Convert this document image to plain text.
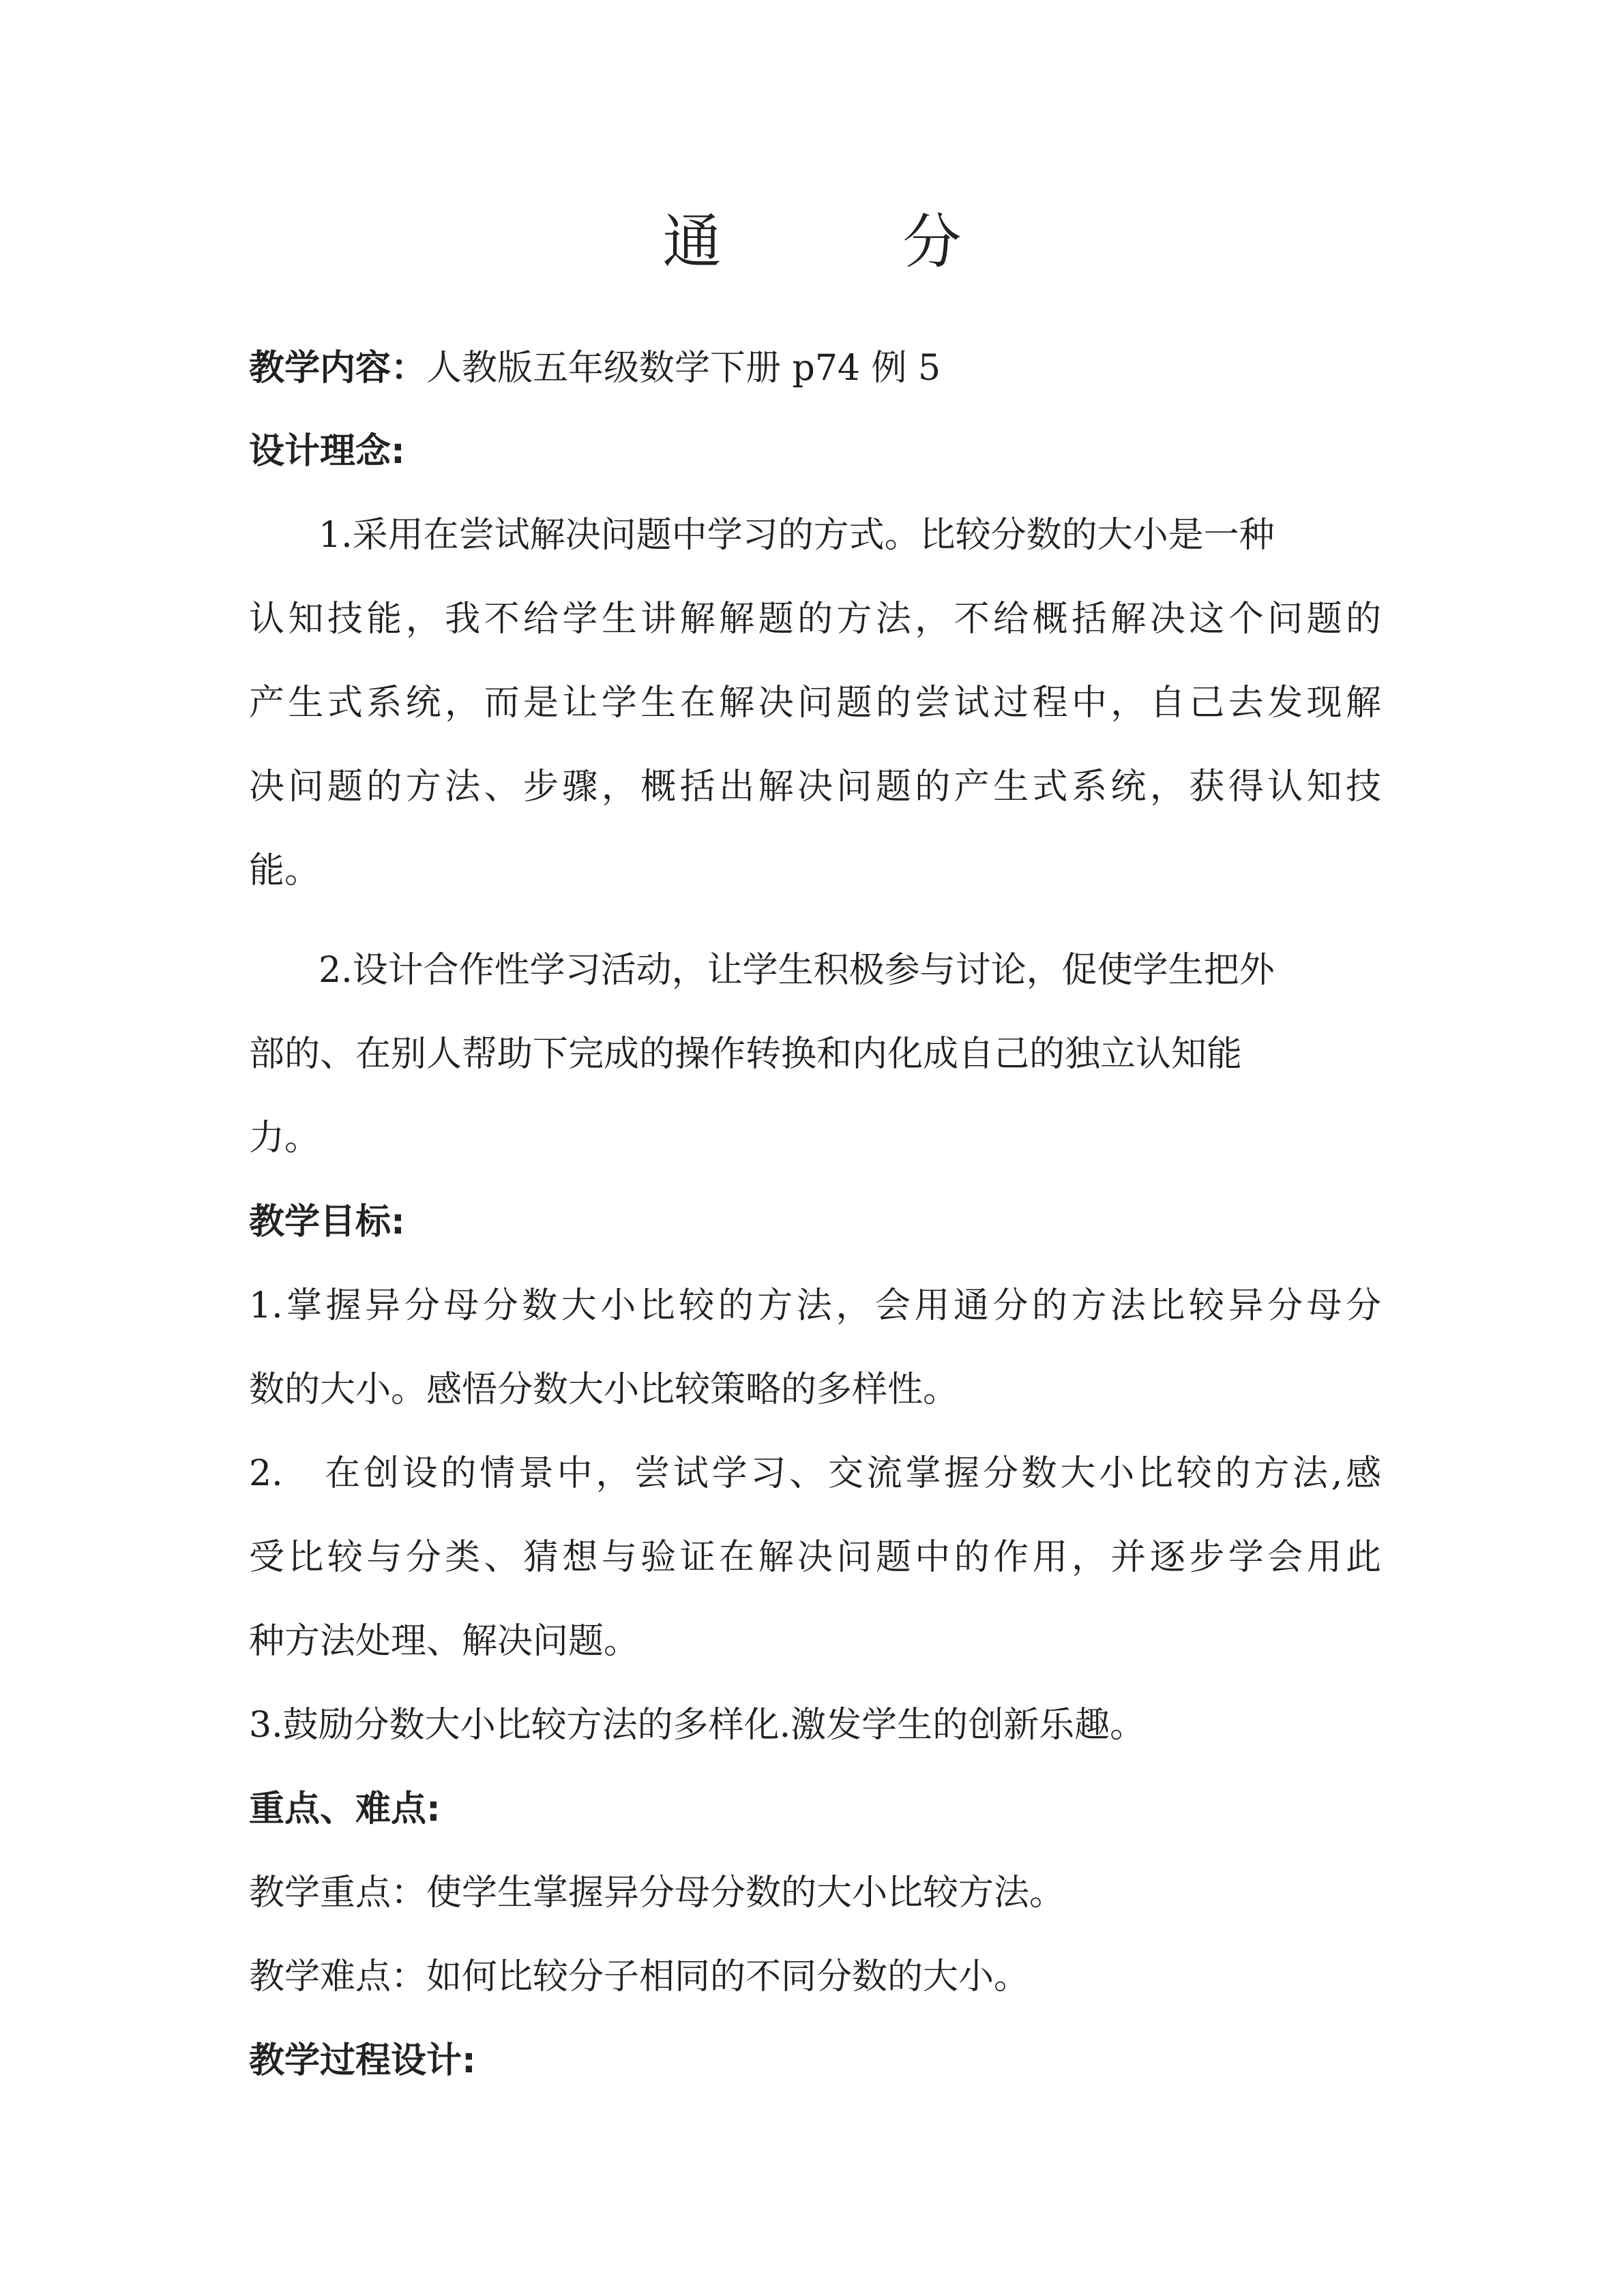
通　分
教学内容：人教版五年级数学下册 p74 例 5
设计理念:
1.采用在尝试解决问题中学习的方式。比较分数的大小是一种
认知技能，我不给学生讲解解题的方法，不给概括解决这个问题的
产生式系统，而是让学生在解决问题的尝试过程中，自己去发现解
决问题的方法、步骤，概括出解决问题的产生式系统，获得认知技
能。
2.设计合作性学习活动，让学生积极参与讨论，促使学生把外
部的、在别人帮助下完成的操作转换和内化成自己的独立认知能
力。
教学目标:
1.掌握异分母分数大小比较的方法，会用通分的方法比较异分母分
数的大小。感悟分数大小比较策略的多样性。
2.　在创设的情景中，尝试学习、交流掌握分数大小比较的方法,感
受比较与分类、猜想与验证在解决问题中的作用，并逐步学会用此
种方法处理、解决问题。
3.鼓励分数大小比较方法的多样化.激发学生的创新乐趣。
重点、难点:
教学重点：使学生掌握异分母分数的大小比较方法。
教学难点：如何比较分子相同的不同分数的大小。
教学过程设计:
